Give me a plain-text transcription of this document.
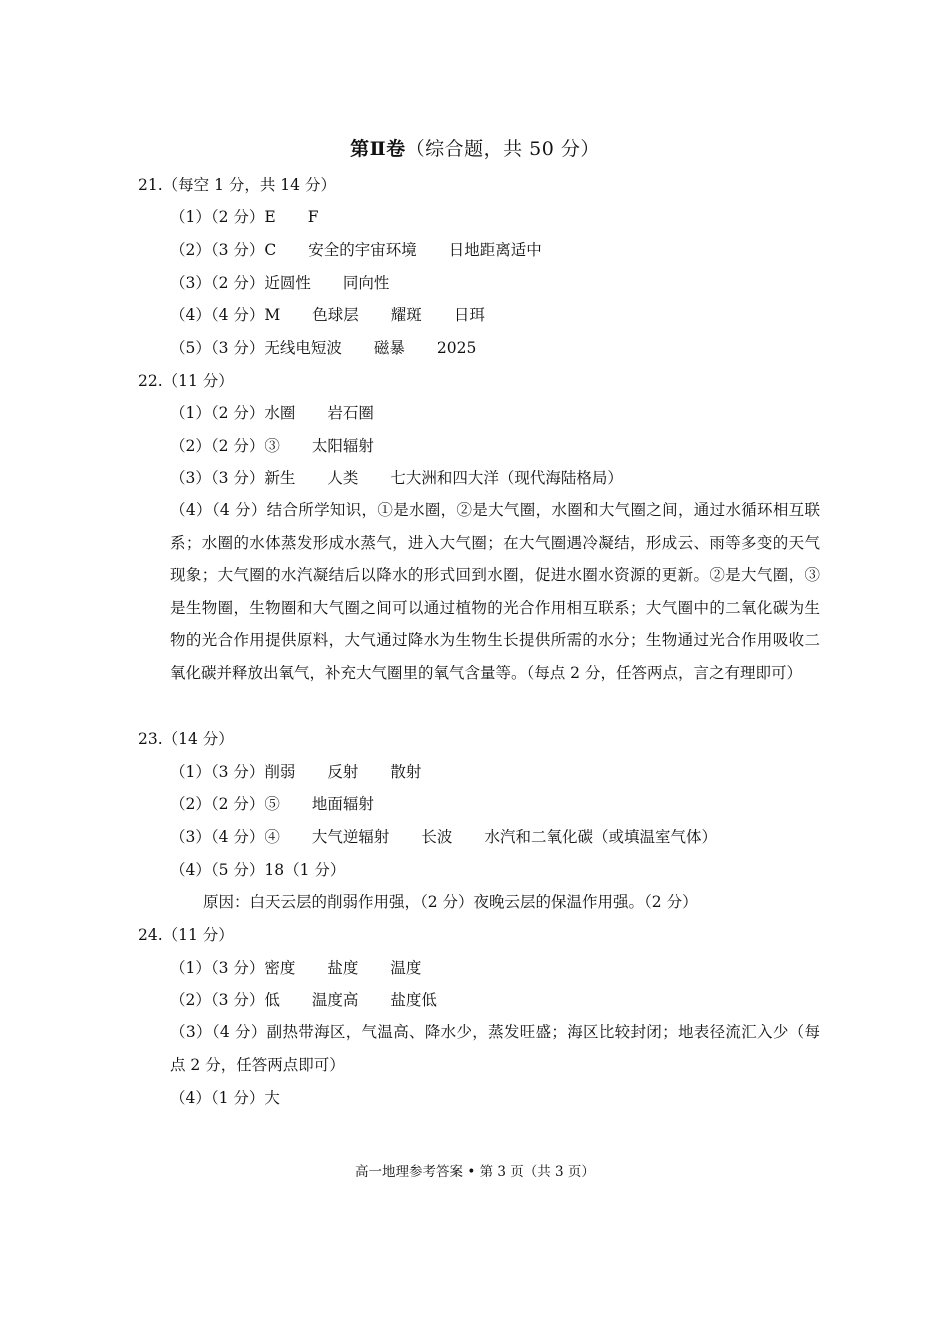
第Ⅱ卷（综合题，共 50 分）
21.（每空 1 分，共 14 分）
（1）（2 分）E F
（2）（3 分）C 安全的宇宙环境 日地距离适中
（3）（2 分）近圆性 同向性
（4）（4 分）M 色球层 耀斑 日珥
（5）（3 分）无线电短波 磁暴 2025
22.（11 分）
（1）（2 分）水圈 岩石圈
（2）（2 分）③ 太阳辐射
（3）（3 分）新生 人类 七大洲和四大洋（现代海陆格局）
（4）（4 分）结合所学知识，①是水圈，②是大气圈，水圈和大气圈之间，通过水循环相互联系；水圈的水体蒸发形成水蒸气，进入大气圈；在大气圈遇冷凝结，形成云、雨等多变的天气现象；大气圈的水汽凝结后以降水的形式回到水圈，促进水圈水资源的更新。②是大气圈，③是生物圈，生物圈和大气圈之间可以通过植物的光合作用相互联系；大气圈中的二氧化碳为生物的光合作用提供原料，大气通过降水为生物生长提供所需的水分；生物通过光合作用吸收二氧化碳并释放出氧气，补充大气圈里的氧气含量等。（每点 2 分，任答两点，言之有理即可）
23.（14 分）
（1）（3 分）削弱 反射 散射
（2）（2 分）⑤ 地面辐射
（3）（4 分）④ 大气逆辐射 长波 水汽和二氧化碳（或填温室气体）
（4）（5 分）18（1 分）
原因：白天云层的削弱作用强，（2 分）夜晚云层的保温作用强。（2 分）
24.（11 分）
（1）（3 分）密度 盐度 温度
（2）（3 分）低 温度高 盐度低
（3）（4 分）副热带海区，气温高、降水少，蒸发旺盛；海区比较封闭；地表径流汇入少（每点 2 分，任答两点即可）
（4）（1 分）大
高一地理参考答案 • 第 3 页（共 3 页）
